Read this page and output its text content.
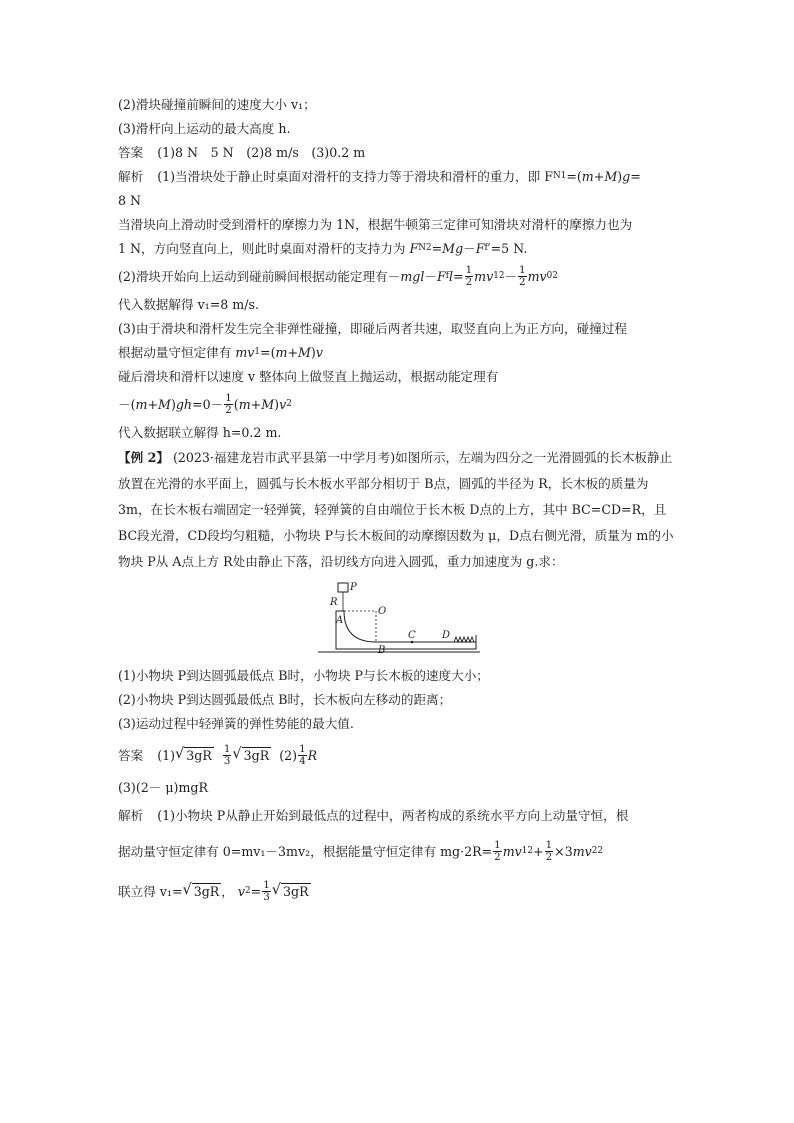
(2)滑块碰撞前瞬间的速度大小 v₁；
(3)滑杆向上运动的最大高度 h.
答案 (1)8 N　5 N　(2)8 m/s　(3)0.2 m
解析 (1)当滑块处于静止时桌面对滑杆的支持力等于滑块和滑杆的重力，即 F N1 =( m + M ) g =
8 N
当滑块向上滑动时受到滑杆的摩擦力为 1N，根据牛顿第三定律可知滑块对滑杆的摩擦力也为
1 N，方向竖直向上，则此时桌面对滑杆的支持力为
F N2 = Mg － F f ′=5 N.
(2)滑块开始向上运动到碰前瞬间根据动能定理有 － mgl － F f $l = \frac{1}{2}$ mv 1 $2 - \frac{1}{2}$ mv 0 2
代入数据解得 v₁=8 m/s.
(3)由于滑块和滑杆发生完全非弹性碰撞，即碰后两者共速，取竖直向上为正方向，碰撞过程
根据动量守恒定律有
mv 1 =( m + M ) v
碰后滑块和滑杆以速度 v 整体向上做竖直上抛运动，根据动能定理有
－( m + M ) gh $=0- \frac{1}{2}$ ( m + M ) v 2
代入数据联立解得 h=0.2 m.
【例 2】 (2023·福建龙岩市武平县第一中学月考)如图所示，左端为四分之一光滑圆弧的长木板静止放置在光滑的水平面上，圆弧与长木板水平部分相切于 B点，圆弧的半径为 R，长木板的质量为 3m，在长木板右端固定一轻弹簧，轻弹簧的自由端位于长木板 D点的上方，其中 BC=CD=R，且 BC段光滑，CD段均匀粗糙，小物块 P与长木板间的动摩擦因数为 μ，D点右侧光滑，质量为 m的小物块 P从 A点上方 R处由静止下落，沿切线方向进入圆弧，重力加速度为 g.求：
P
R
A
O
B
C	D
(1)小物块 P到达圆弧最低点 B时，小物块 P与长木板的速度大小；
(2)小物块 P到达圆弧最低点 B时，长木板向左移动的距离；
(3)运动过程中轻弹簧的弹性势能的最大值.
答案 (1) √ 3gR
$\frac{1}{3}$ √ 3gR $(2) \frac{1}{4}$ R
(3)(2－ μ)mgR
解析 (1)小物块 P从静止开始到最低点的过程中，两者构成的系统水平方向上动量守恒，根
据动量守恒定律有 0=mv₁－3mv₂，根据能量守恒定律有 $mg\cdot 2R= \frac{1}{2}$ mv 1 $2 + \frac{1}{2} \times 3$ mv 2 2
联立得 v₁= √ 3gR ， v $2 = \frac{1}{3}$ √ 3gR
